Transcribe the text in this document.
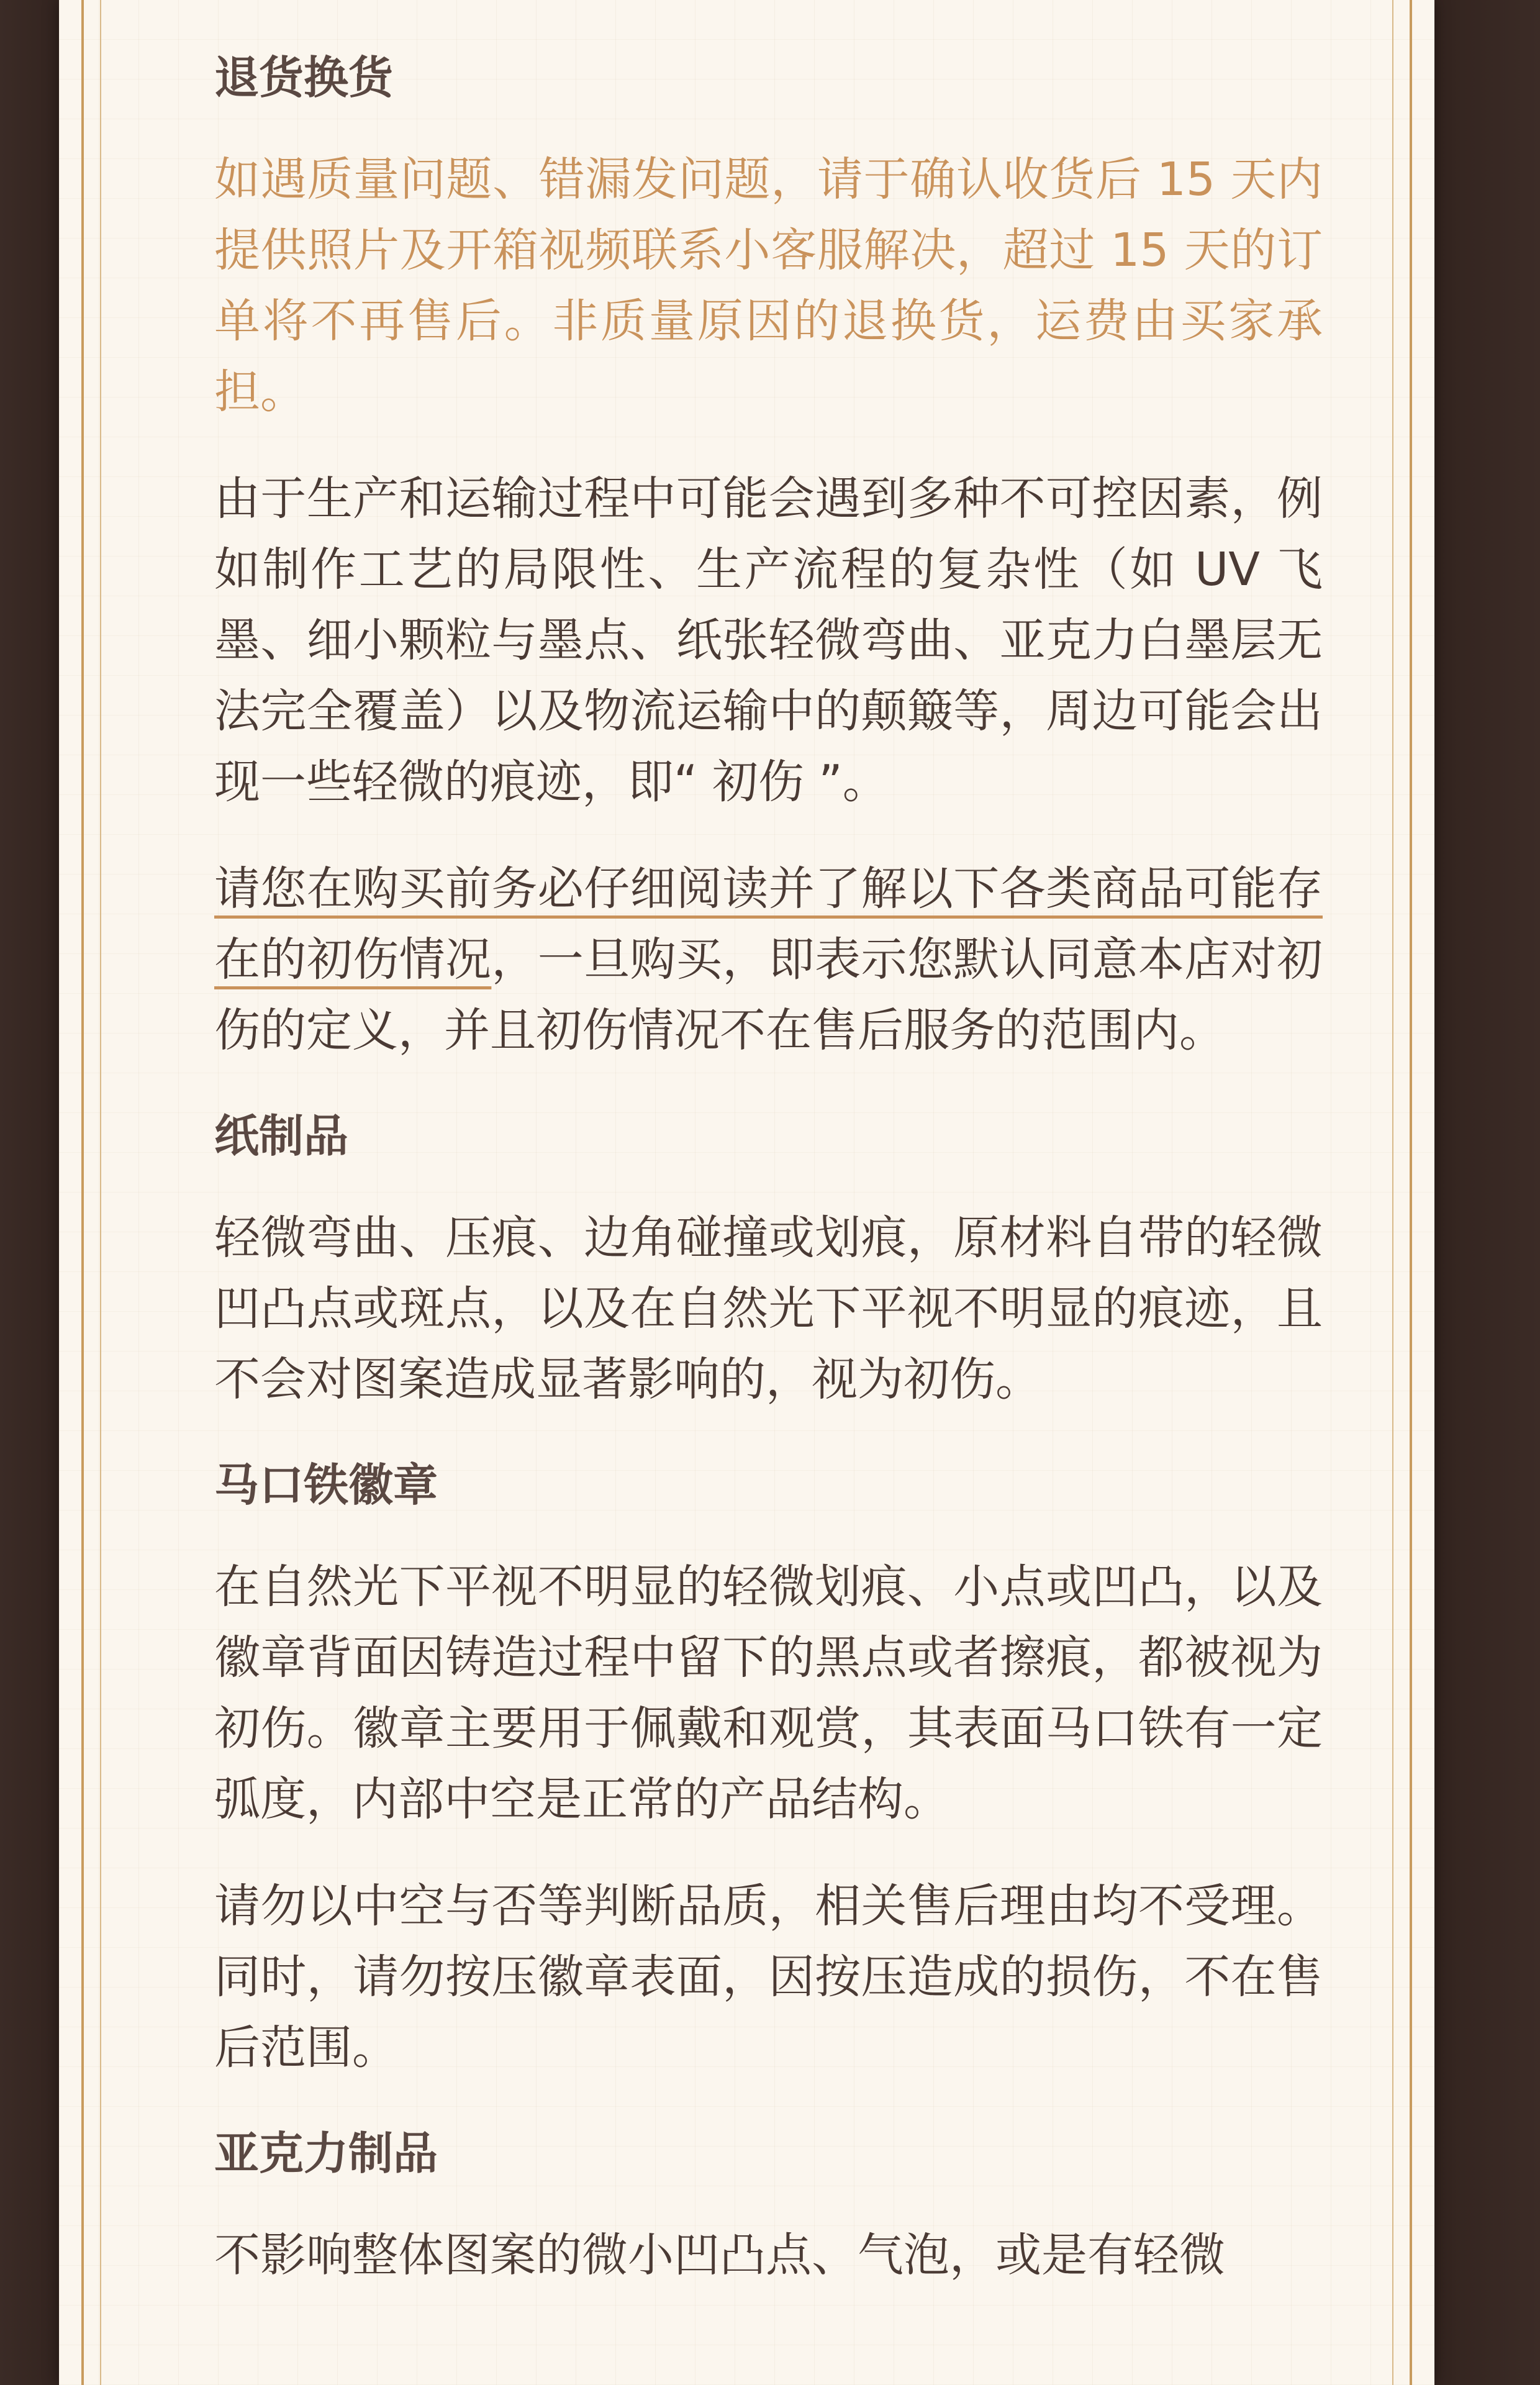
退货换货

如遇质量问题、错漏发问题，请于确认收货后 15 天内提供照片及开箱视频联系小客服解决，超过 15 天的订单将不再售后。非质量原因的退换货，运费由买家承担。

由于生产和运输过程中可能会遇到多种不可控因素，例如制作工艺的局限性、生产流程的复杂性（如 UV 飞墨、细小颗粒与墨点、纸张轻微弯曲、亚克力白墨层无法完全覆盖）以及物流运输中的颠簸等，周边可能会出现一些轻微的痕迹，即“ 初伤 ”。

请您在购买前务必仔细阅读并了解以下各类商品可能存在的初伤情况，一旦购买，即表示您默认同意本店对初伤的定义，并且初伤情况不在售后服务的范围内。

纸制品

轻微弯曲、压痕、边角碰撞或划痕，原材料自带的轻微凹凸点或斑点，以及在自然光下平视不明显的痕迹，且不会对图案造成显著影响的，视为初伤。

马口铁徽章

在自然光下平视不明显的轻微划痕、小点或凹凸，以及徽章背面因铸造过程中留下的黑点或者擦痕，都被视为初伤。徽章主要用于佩戴和观赏，其表面马口铁有一定弧度，内部中空是正常的产品结构。

请勿以中空与否等判断品质，相关售后理由均不受理。同时，请勿按压徽章表面，因按压造成的损伤，不在售后范围。

亚克力制品

不影响整体图案的微小凹凸点、气泡，或是有轻微
